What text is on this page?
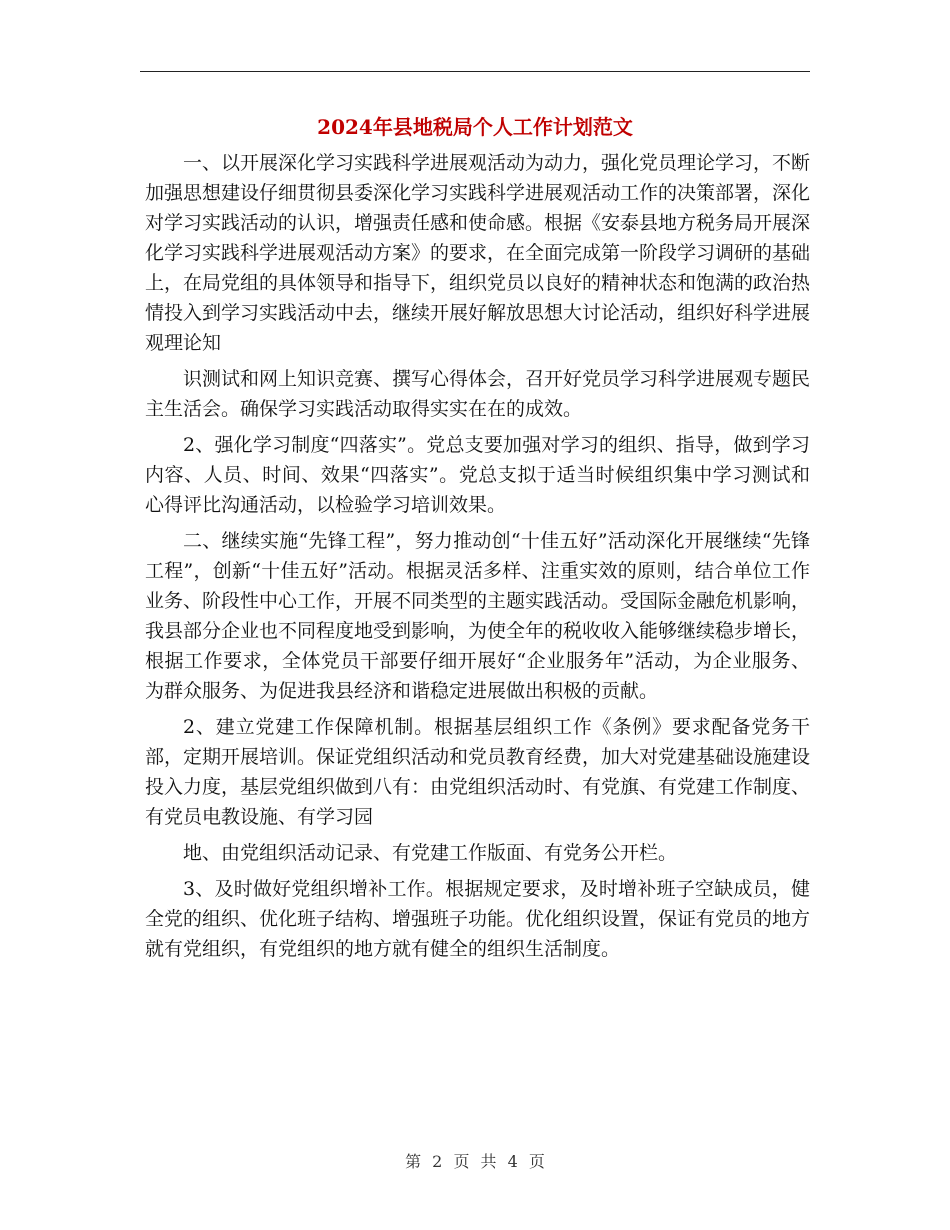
2024年县地税局个人工作计划范文

一、以开展深化学习实践科学进展观活动为动力，强化党员理论学习，不断加强思想建设仔细贯彻县委深化学习实践科学进展观活动工作的决策部署，深化对学习实践活动的认识，增强责任感和使命感。根据《安泰县地方税务局开展深化学习实践科学进展观活动方案》的要求，在全面完成第一阶段学习调研的基础上，在局党组的具体领导和指导下，组织党员以良好的精神状态和饱满的政治热情投入到学习实践活动中去，继续开展好解放思想大讨论活动，组织好科学进展观理论知

识测试和网上知识竞赛、撰写心得体会，召开好党员学习科学进展观专题民主生活会。确保学习实践活动取得实实在在的成效。

2、强化学习制度“四落实”。党总支要加强对学习的组织、指导，做到学习内容、人员、时间、效果“四落实”。党总支拟于适当时候组织集中学习测试和心得评比沟通活动，以检验学习培训效果。

二、继续实施“先锋工程”，努力推动创“十佳五好”活动深化开展继续“先锋工程”，创新“十佳五好”活动。根据灵活多样、注重实效的原则，结合单位工作业务、阶段性中心工作，开展不同类型的主题实践活动。受国际金融危机影响，我县部分企业也不同程度地受到影响，为使全年的税收收入能够继续稳步增长，根据工作要求，全体党员干部要仔细开展好“企业服务年”活动，为企业服务、为群众服务、为促进我县经济和谐稳定进展做出积极的贡献。

2、建立党建工作保障机制。根据基层组织工作《条例》要求配备党务干部，定期开展培训。保证党组织活动和党员教育经费，加大对党建基础设施建设投入力度，基层党组织做到八有：由党组织活动时、有党旗、有党建工作制度、有党员电教设施、有学习园

地、由党组织活动记录、有党建工作版面、有党务公开栏。

3、及时做好党组织增补工作。根据规定要求，及时增补班子空缺成员，健全党的组织、优化班子结构、增强班子功能。优化组织设置，保证有党员的地方就有党组织，有党组织的地方就有健全的组织生活制度。

第 2 页 共 4 页
